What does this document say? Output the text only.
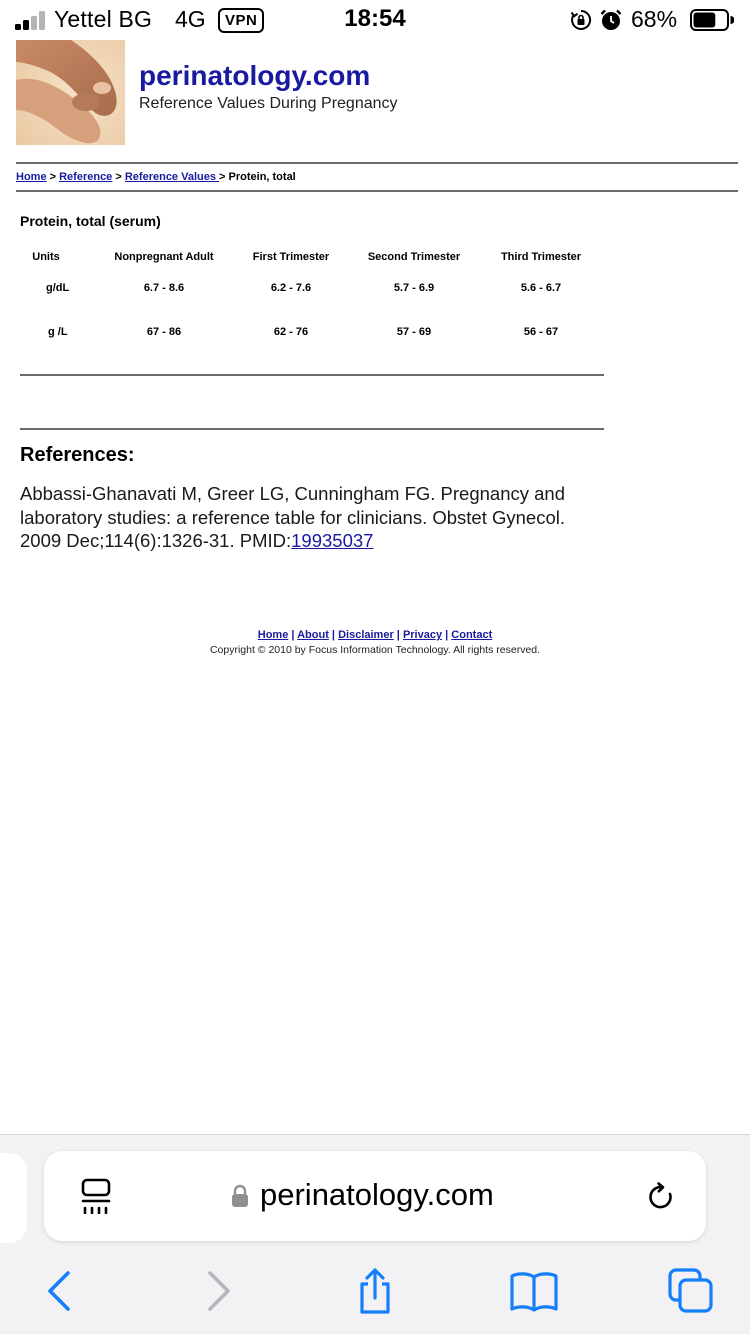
Yettel BG 4G	VPN	18:54	68%
perinatology.com
Reference Values During Pregnancy
Home > Reference > Reference Values > Protein, total
Protein, total (serum)
Units	Nonpregnant Adult	First Trimester	Second Trimester	Third Trimester
g/dL	6.7 - 8.6	6.2 - 7.6	5.7 - 6.9	5.6 - 6.7
g /L	67 - 86	62 - 76	57 - 69	56 - 67
References:
Abbassi-Ghanavati M, Greer LG, Cunningham FG. Pregnancy and laboratory studies: a reference table for clinicians. Obstet Gynecol. 2009 Dec;114(6):1326-31. PMID:19935037
Home | About | Disclaimer | Privacy | Contact
Copyright © 2010 by Focus Information Technology. All rights reserved.
perinatology.com
